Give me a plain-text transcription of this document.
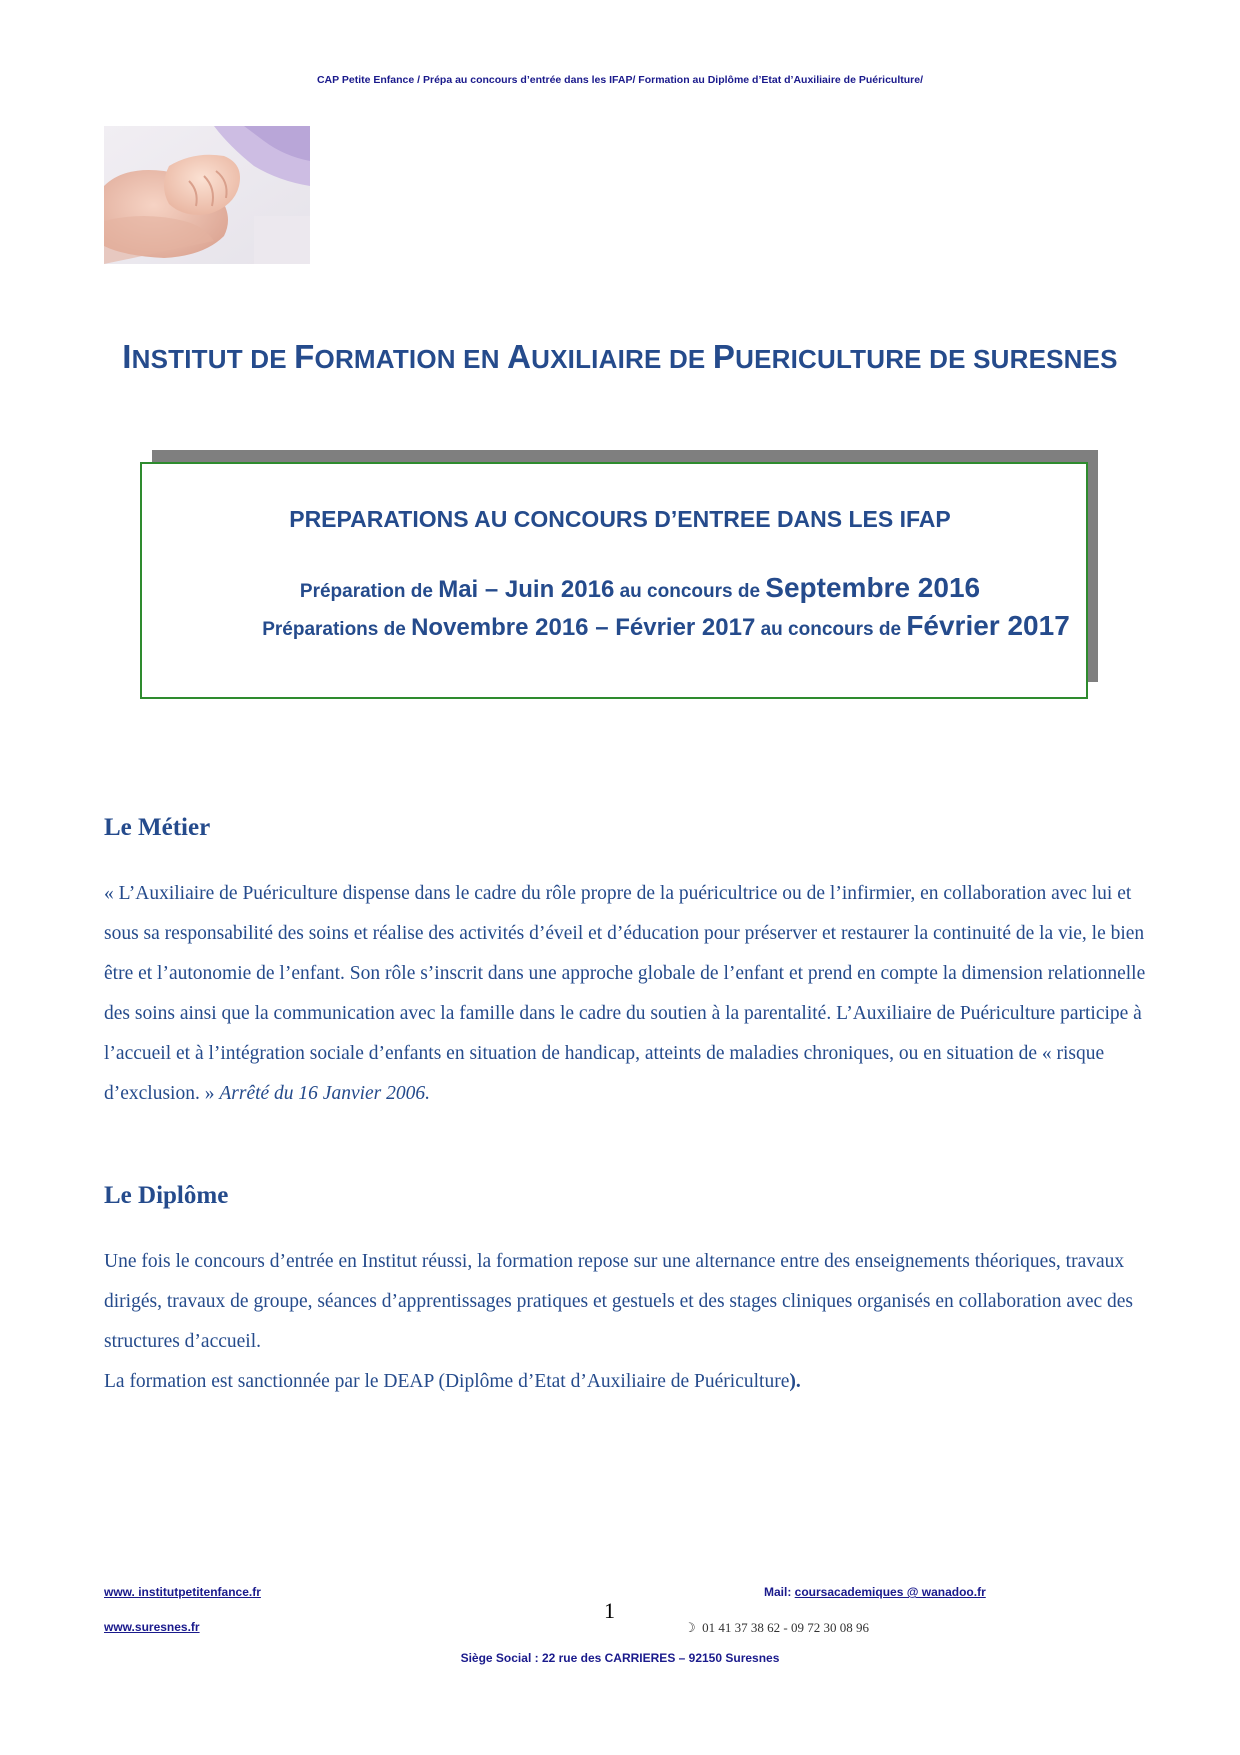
CAP Petite Enfance / Prépa au concours d’entrée dans les IFAP/ Formation au Diplôme d’Etat d’Auxiliaire de Puériculture/
INSTITUT DE FORMATION EN AUXILIAIRE DE PUERICULTURE DE SURESNES
PREPARATIONS AU CONCOURS D’ENTREE DANS LES IFAP
Préparation de Mai – Juin 2016 au concours de Septembre 2016
Préparations de Novembre 2016 – Février 2017 au concours de Février 2017
Le Métier
« L’Auxiliaire de Puériculture dispense dans le cadre du rôle propre de la puéricultrice ou de l’infirmier, en collaboration avec lui et sous sa responsabilité des soins et réalise des activités d’éveil et d’éducation pour préserver et restaurer la continuité de la vie, le bien être et l’autonomie de l’enfant. Son rôle s’inscrit dans une approche globale de l’enfant et prend en compte la dimension relationnelle des soins ainsi que la communication avec la famille dans le cadre du soutien à la parentalité. L’Auxiliaire de Puériculture participe à l’accueil et à l’intégration sociale d’enfants en situation de handicap, atteints de maladies chroniques, ou en situation de « risque d’exclusion. » Arrêté du 16 Janvier 2006.
Le Diplôme
Une fois le concours d’entrée en Institut réussi, la formation repose sur une alternance entre des enseignements théoriques, travaux dirigés, travaux de groupe, séances d’apprentissages pratiques et gestuels et des stages cliniques organisés en collaboration avec des structures d’accueil.
La formation est sanctionnée par le DEAP (Diplôme d’Etat d’Auxiliaire de Puériculture).
www. institutpetitenfance.fr
www.suresnes.fr
1
Mail: coursacademiques @ wanadoo.fr
☽ 01 41 37 38 62 - 09 72 30 08 96
Siège Social : 22 rue des CARRIERES – 92150 Suresnes
